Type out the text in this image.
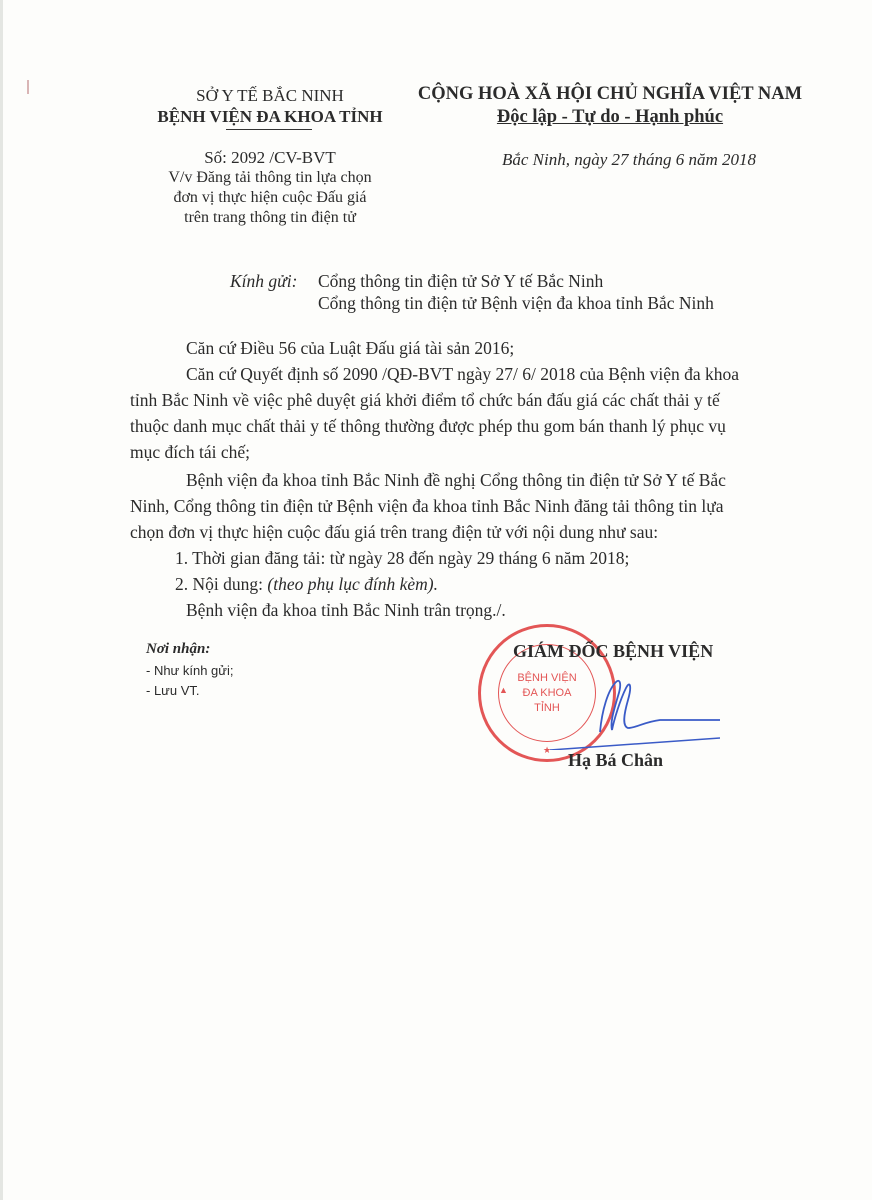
SỞ Y TẾ BẮC NINH
BỆNH VIỆN ĐA KHOA TỈNH
Số: 2092 /CV-BVT
V/v Đăng tải thông tin lựa chọn
đơn vị thực hiện cuộc Đấu giá
trên trang thông tin điện tử
CỘNG HOÀ XÃ HỘI CHỦ NGHĨA VIỆT NAM
Độc lập - Tự do - Hạnh phúc
Bắc Ninh, ngày 27 tháng 6 năm 2018
Kính gửi: Cổng thông tin điện tử Sở Y tế Bắc Ninh
Cổng thông tin điện tử Bệnh viện đa khoa tỉnh Bắc Ninh
Căn cứ Điều 56 của Luật Đấu giá tài sản 2016;
Căn cứ Quyết định số 2090 /QĐ-BVT ngày 27/ 6/ 2018 của Bệnh viện đa khoa
tỉnh Bắc Ninh về việc phê duyệt giá khởi điểm tổ chức bán đấu giá các chất thải y tế
thuộc danh mục chất thải y tế thông thường được phép thu gom bán thanh lý phục vụ
mục đích tái chế;
Bệnh viện đa khoa tỉnh Bắc Ninh đề nghị Cổng thông tin điện tử Sở Y tế Bắc
Ninh, Cổng thông tin điện tử Bệnh viện đa khoa tỉnh Bắc Ninh đăng tải thông tin lựa
chọn đơn vị thực hiện cuộc đấu giá trên trang điện tử với nội dung như sau:
1. Thời gian đăng tải: từ ngày 28 đến ngày 29 tháng 6 năm 2018;
2. Nội dung: (theo phụ lục đính kèm).
Bệnh viện đa khoa tỉnh Bắc Ninh trân trọng./.
Nơi nhận:
- Như kính gửi;
- Lưu VT.
BỆNH VIỆN
ĐA KHOA
TỈNH
▲
★
GIÁM ĐỐC BỆNH VIỆN
Hạ Bá Chân
